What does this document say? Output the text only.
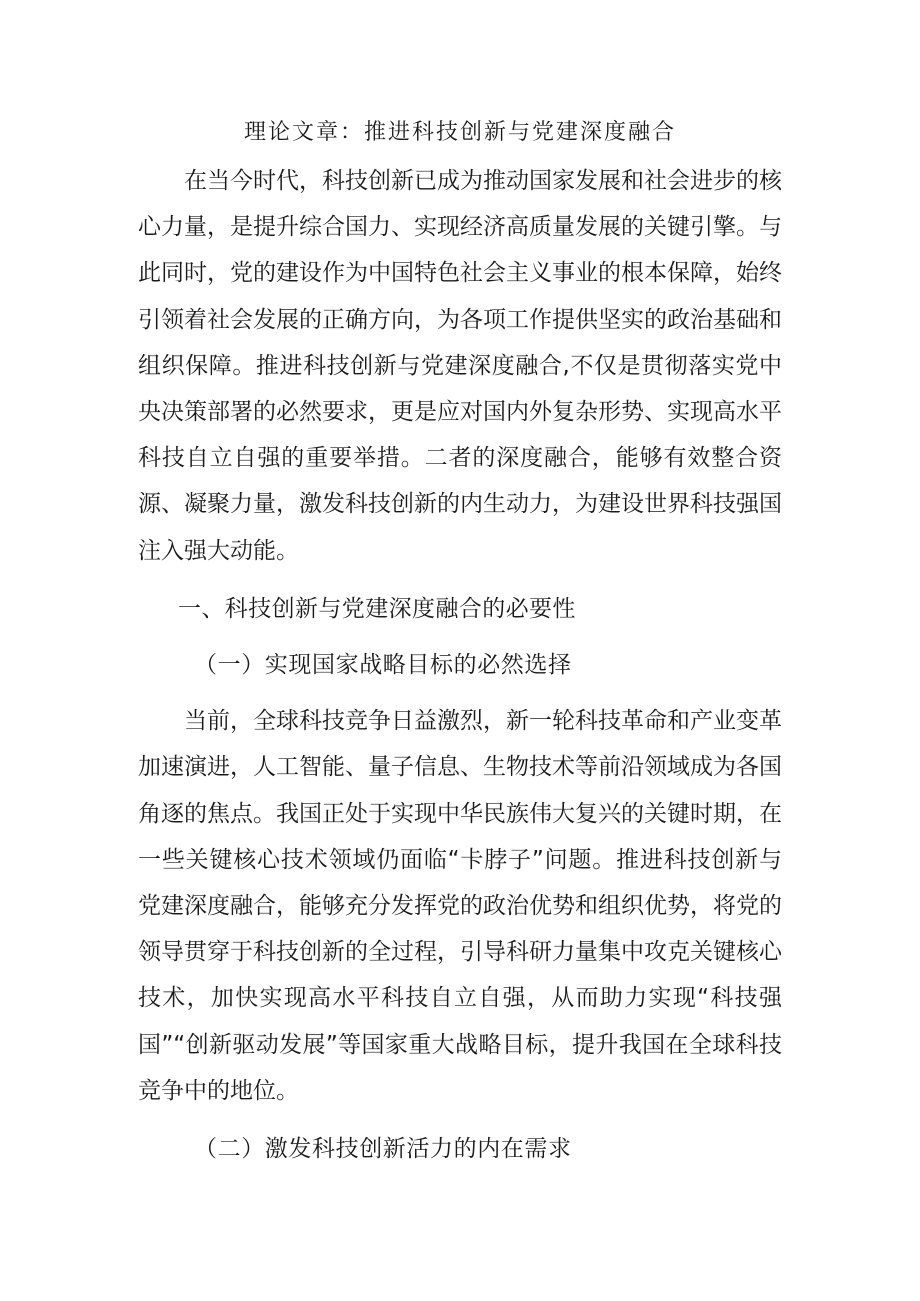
理论文章：推进科技创新与党建深度融合

在当今时代，科技创新已成为推动国家发展和社会进步的核心力量，是提升综合国力、实现经济高质量发展的关键引擎。与此同时，党的建设作为中国特色社会主义事业的根本保障，始终引领着社会发展的正确方向，为各项工作提供坚实的政治基础和组织保障。推进科技创新与党建深度融合,不仅是贯彻落实党中央决策部署的必然要求，更是应对国内外复杂形势、实现高水平科技自立自强的重要举措。二者的深度融合，能够有效整合资源、凝聚力量，激发科技创新的内生动力，为建设世界科技强国注入强大动能。

一、科技创新与党建深度融合的必要性

（一）实现国家战略目标的必然选择

当前，全球科技竞争日益激烈，新一轮科技革命和产业变革加速演进，人工智能、量子信息、生物技术等前沿领域成为各国角逐的焦点。我国正处于实现中华民族伟大复兴的关键时期，在一些关键核心技术领域仍面临“卡脖子”问题。推进科技创新与党建深度融合，能够充分发挥党的政治优势和组织优势，将党的领导贯穿于科技创新的全过程，引导科研力量集中攻克关键核心技术，加快实现高水平科技自立自强，从而助力实现“科技强国”“创新驱动发展”等国家重大战略目标，提升我国在全球科技竞争中的地位。

（二）激发科技创新活力的内在需求
